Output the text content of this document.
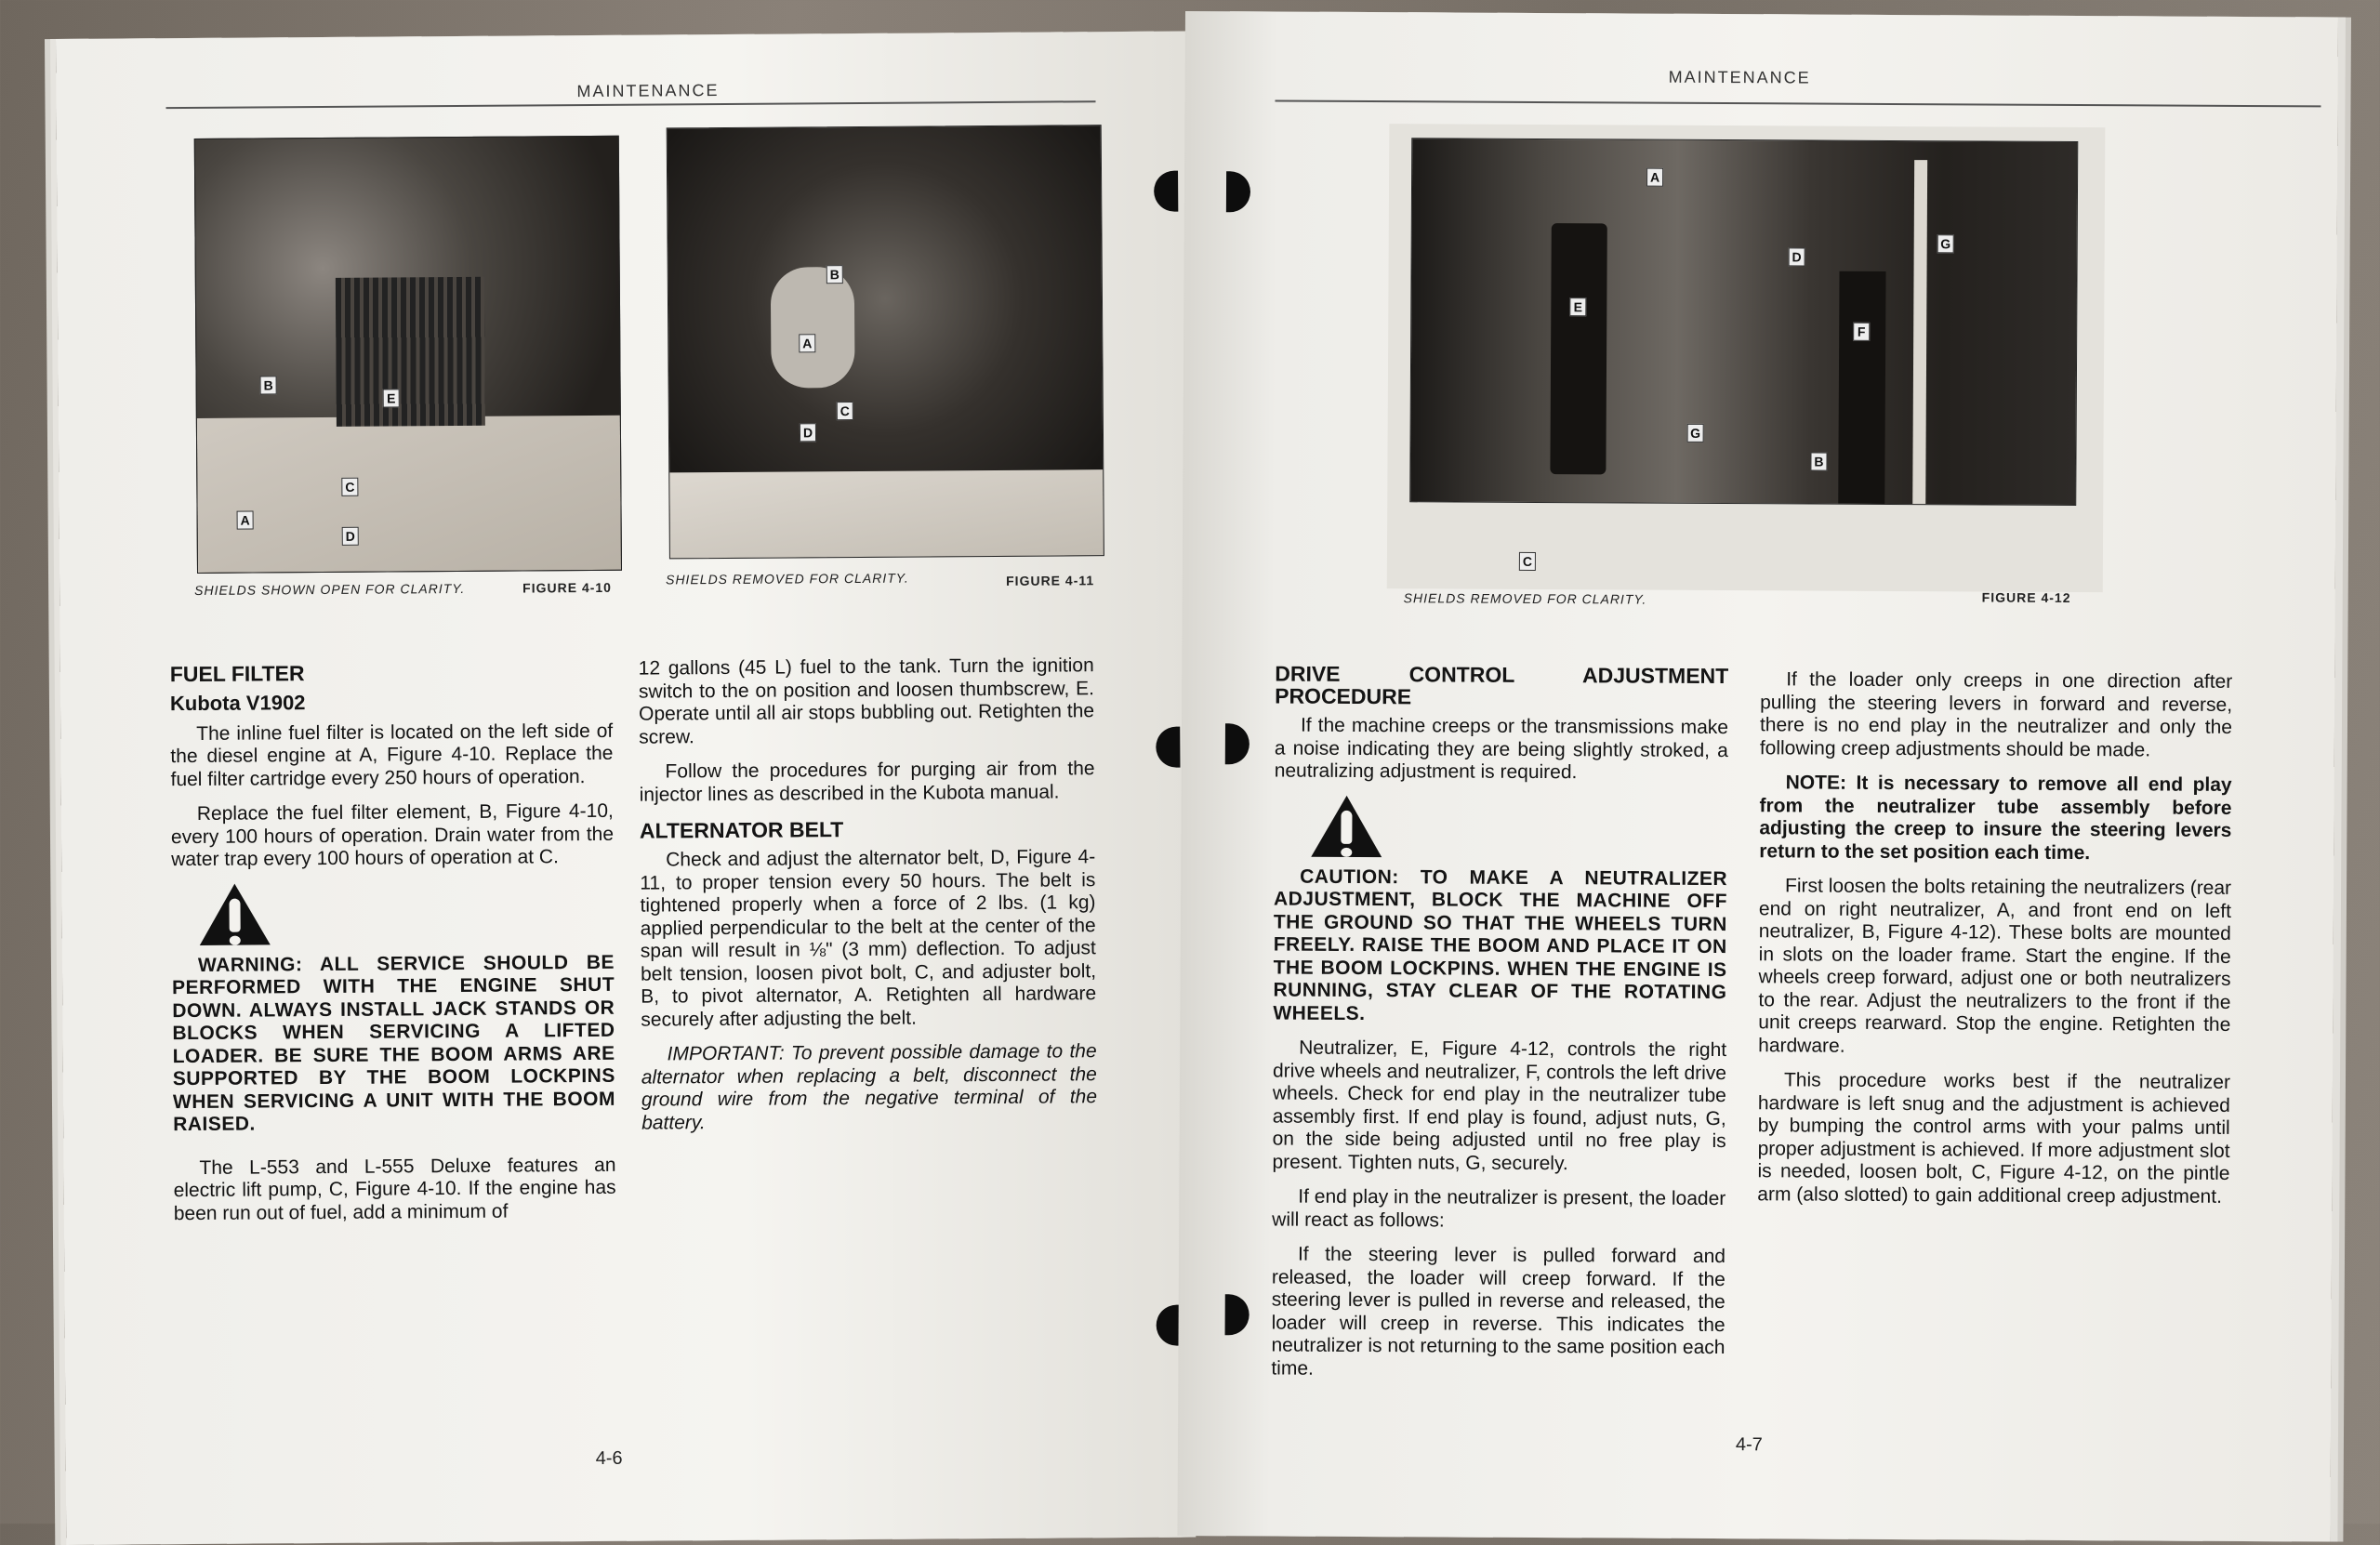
MAINTENANCE
B
E
C
A
D
B
A
C
D
SHIELDS SHOWN OPEN FOR CLARITY.	FIGURE 4-10
SHIELDS REMOVED FOR CLARITY.	FIGURE 4-11
FUEL FILTER
Kubota V1902

The inline fuel filter is located on the left side of the diesel engine at A, Figure 4-10. Replace the fuel filter cartridge every 250 hours of operation.

Replace the fuel filter element, B, Figure 4-10, every 100 hours of operation. Drain water from the water trap every 100 hours of operation at C.

WARNING: ALL SERVICE SHOULD BE PERFORMED WITH THE ENGINE SHUT DOWN. ALWAYS INSTALL JACK STANDS OR BLOCKS WHEN SERVICING A LIFTED LOADER. BE SURE THE BOOM ARMS ARE SUPPORTED BY THE BOOM LOCKPINS WHEN SERVICING A UNIT WITH THE BOOM RAISED.

The L-553 and L-555 Deluxe features an electric lift pump, C, Figure 4-10. If the engine has been run out of fuel, add a minimum of

12 gallons (45 L) fuel to the tank. Turn the ignition switch to the on position and loosen thumbscrew, E. Operate until all air stops bubbling out. Retighten the screw.

Follow the procedures for purging air from the injector lines as described in the Kubota manual.

ALTERNATOR BELT

Check and adjust the alternator belt, D, Figure 4-11, to proper tension every 50 hours. The belt is tightened properly when a force of 2 lbs. (1 kg) applied perpendicular to the belt at the center of the span will result in ⅛" (3 mm) deflection. To adjust belt tension, loosen pivot bolt, C, and adjuster bolt, B, to pivot alternator, A. Retighten all hardware securely after adjusting the belt.

IMPORTANT: To prevent possible damage to the alternator when replacing a belt, disconnect the ground wire from the negative terminal of the battery.

4-6
MAINTENANCE
A
D
G
E
F
G
B
C
SHIELDS REMOVED FOR CLARITY.	FIGURE 4-12
DRIVE CONTROL ADJUSTMENT PROCEDURE

If the machine creeps or the transmissions make a noise indicating they are being slightly stroked, a neutralizing adjustment is required.

CAUTION: TO MAKE A NEUTRALIZER ADJUSTMENT, BLOCK THE MACHINE OFF THE GROUND SO THAT THE WHEELS TURN FREELY. RAISE THE BOOM AND PLACE IT ON THE BOOM LOCKPINS. WHEN THE ENGINE IS RUNNING, STAY CLEAR OF THE ROTATING WHEELS.

Neutralizer, E, Figure 4-12, controls the right drive wheels and neutralizer, F, controls the left drive wheels. Check for end play in the neutralizer tube assembly first. If end play is found, adjust nuts, G, on the side being adjusted until no free play is present. Tighten nuts, G, securely.

If end play in the neutralizer is present, the loader will react as follows:

If the steering lever is pulled forward and released, the loader will creep forward. If the steering lever is pulled in reverse and released, the loader will creep in reverse. This indicates the neutralizer is not returning to the same position each time.

If the loader only creeps in one direction after pulling the steering levers in forward and reverse, there is no end play in the neutralizer and only the following creep adjustments should be made.

NOTE: It is necessary to remove all end play from the neutralizer tube assembly before adjusting the creep to insure the steering levers return to the set position each time.

First loosen the bolts retaining the neutralizers (rear end on right neutralizer, A, and front end on left neutralizer, B, Figure 4-12). These bolts are mounted in slots on the loader frame. Start the engine. If the wheels creep forward, adjust one or both neutralizers to the rear. Adjust the neutralizers to the front if the unit creeps rearward. Stop the engine. Retighten the hardware.

This procedure works best if the neutralizer hardware is left snug and the adjustment is achieved by bumping the control arms with your palms until proper adjustment is achieved. If more adjustment slot is needed, loosen bolt, C, Figure 4-12, on the pintle arm (also slotted) to gain additional creep adjustment.

4-7
